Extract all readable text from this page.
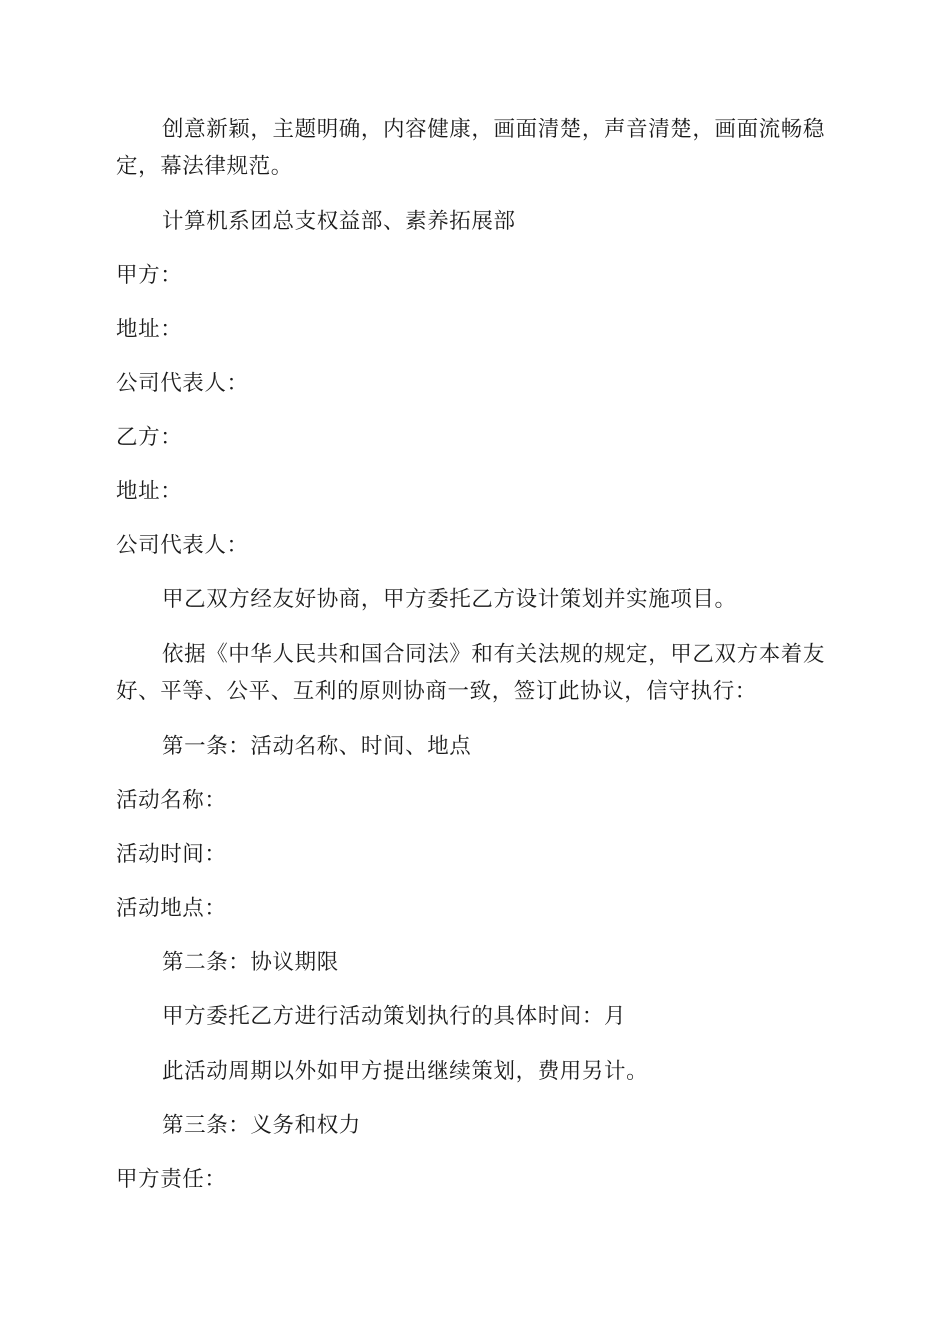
创意新颖，主题明确，内容健康，画面清楚，声音清楚，画面流畅稳定，幕法律规范。

计算机系团总支权益部、素养拓展部

甲方：

地址：

公司代表人：

乙方：

地址：

公司代表人：

甲乙双方经友好协商，甲方委托乙方设计策划并实施项目。

依据《中华人民共和国合同法》和有关法规的规定，甲乙双方本着友好、平等、公平、互利的原则协商一致，签订此协议，信守执行：

第一条：活动名称、时间、地点

活动名称：

活动时间：

活动地点：

第二条：协议期限

甲方委托乙方进行活动策划执行的具体时间：月

此活动周期以外如甲方提出继续策划，费用另计。

第三条：义务和权力

甲方责任：
